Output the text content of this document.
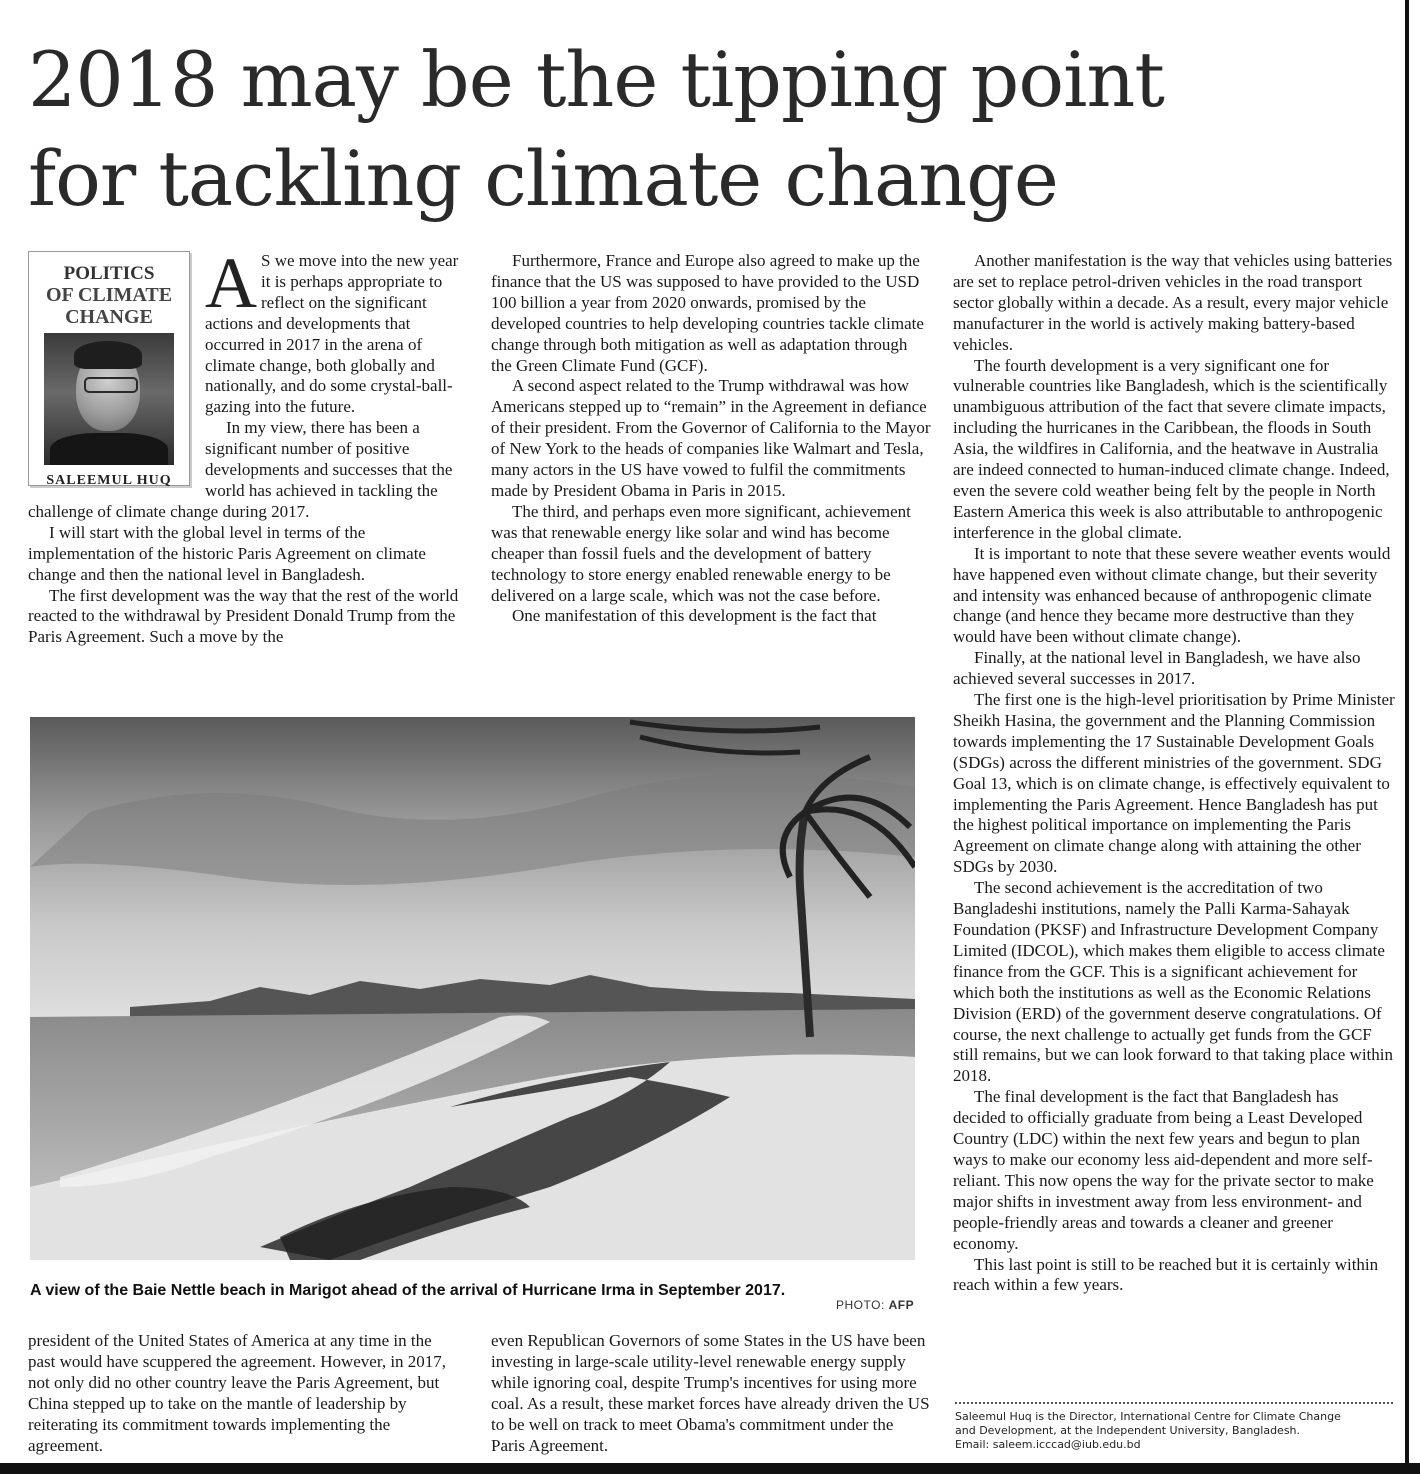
2018 may be the tipping point
for tackling climate change
POLITICS
OF CLIMATE
CHANGE
SALEEMUL HUQ
A S we move into the new year it is perhaps appropriate to reflect on the significant actions and developments that occurred in 2017 in the arena of climate change, both globally and nationally, and do some crystal-ball-gazing into the future.

In my view, there has been a significant number of positive developments and successes that the world has achieved in tackling the challenge of climate change during 2017.

I will start with the global level in terms of the implementation of the historic Paris Agreement on climate change and then the national level in Bangladesh.

The first development was the way that the rest of the world reacted to the withdrawal by President Donald Trump from the Paris Agreement. Such a move by the

Furthermore, France and Europe also agreed to make up the finance that the US was supposed to have provided to the USD 100 billion a year from 2020 onwards, promised by the developed countries to help developing countries tackle climate change through both mitigation as well as adaptation through the Green Climate Fund (GCF).

A second aspect related to the Trump withdrawal was how Americans stepped up to “remain” in the Agreement in defiance of their president. From the Governor of California to the Mayor of New York to the heads of companies like Walmart and Tesla, many actors in the US have vowed to fulfil the commitments made by President Obama in Paris in 2015.

The third, and perhaps even more significant, achievement was that renewable energy like solar and wind has become cheaper than fossil fuels and the development of battery technology to store energy enabled renewable energy to be delivered on a large scale, which was not the case before.

One manifestation of this development is the fact that

Another manifestation is the way that vehicles using batteries are set to replace petrol-driven vehicles in the road transport sector globally within a decade. As a result, every major vehicle manufacturer in the world is actively making battery-based vehicles.

The fourth development is a very significant one for vulnerable countries like Bangladesh, which is the scientifically unambiguous attribution of the fact that severe climate impacts, including the hurricanes in the Caribbean, the floods in South Asia, the wildfires in California, and the heatwave in Australia are indeed connected to human-induced climate change. Indeed, even the severe cold weather being felt by the people in North Eastern America this week is also attributable to anthropogenic interference in the global climate.

It is important to note that these severe weather events would have happened even without climate change, but their severity and intensity was enhanced because of anthropogenic climate change (and hence they became more destructive than they would have been without climate change).

Finally, at the national level in Bangladesh, we have also achieved several successes in 2017.

The first one is the high-level prioritisation by Prime Minister Sheikh Hasina, the government and the Planning Commission towards implementing the 17 Sustainable Development Goals (SDGs) across the different ministries of the government. SDG Goal 13, which is on climate change, is effectively equivalent to implementing the Paris Agreement. Hence Bangladesh has put the highest political importance on implementing the Paris Agreement on climate change along with attaining the other SDGs by 2030.

The second achievement is the accreditation of two Bangladeshi institutions, namely the Palli Karma-Sahayak Foundation (PKSF) and Infrastructure Development Company Limited (IDCOL), which makes them eligible to access climate finance from the GCF. This is a significant achievement for which both the institutions as well as the Economic Relations Division (ERD) of the government deserve congratulations. Of course, the next challenge to actually get funds from the GCF still remains, but we can look forward to that taking place within 2018.

The final development is the fact that Bangladesh has decided to officially graduate from being a Least Developed Country (LDC) within the next few years and begun to plan ways to make our economy less aid-dependent and more self-reliant. This now opens the way for the private sector to make major shifts in investment away from less environment- and people-friendly areas and towards a cleaner and greener economy.

This last point is still to be reached but it is certainly within reach within a few years.

A view of the Baie Nettle beach in Marigot ahead of the arrival of Hurricane Irma in September 2017.

PHOTO: AFP

president of the United States of America at any time in the past would have scuppered the agreement. However, in 2017, not only did no other country leave the Paris Agreement, but China stepped up to take on the mantle of leadership by reiterating its commitment towards implementing the agreement.

even Republican Governors of some States in the US have been investing in large-scale utility-level renewable energy supply while ignoring coal, despite Trump's incentives for using more coal. As a result, these market forces have already driven the US to be well on track to meet Obama's commitment under the Paris Agreement.

Saleemul Huq is the Director, International Centre for Climate Change

and Development, at the Independent University, Bangladesh.

Email: saleem.icccad@iub.edu.bd
